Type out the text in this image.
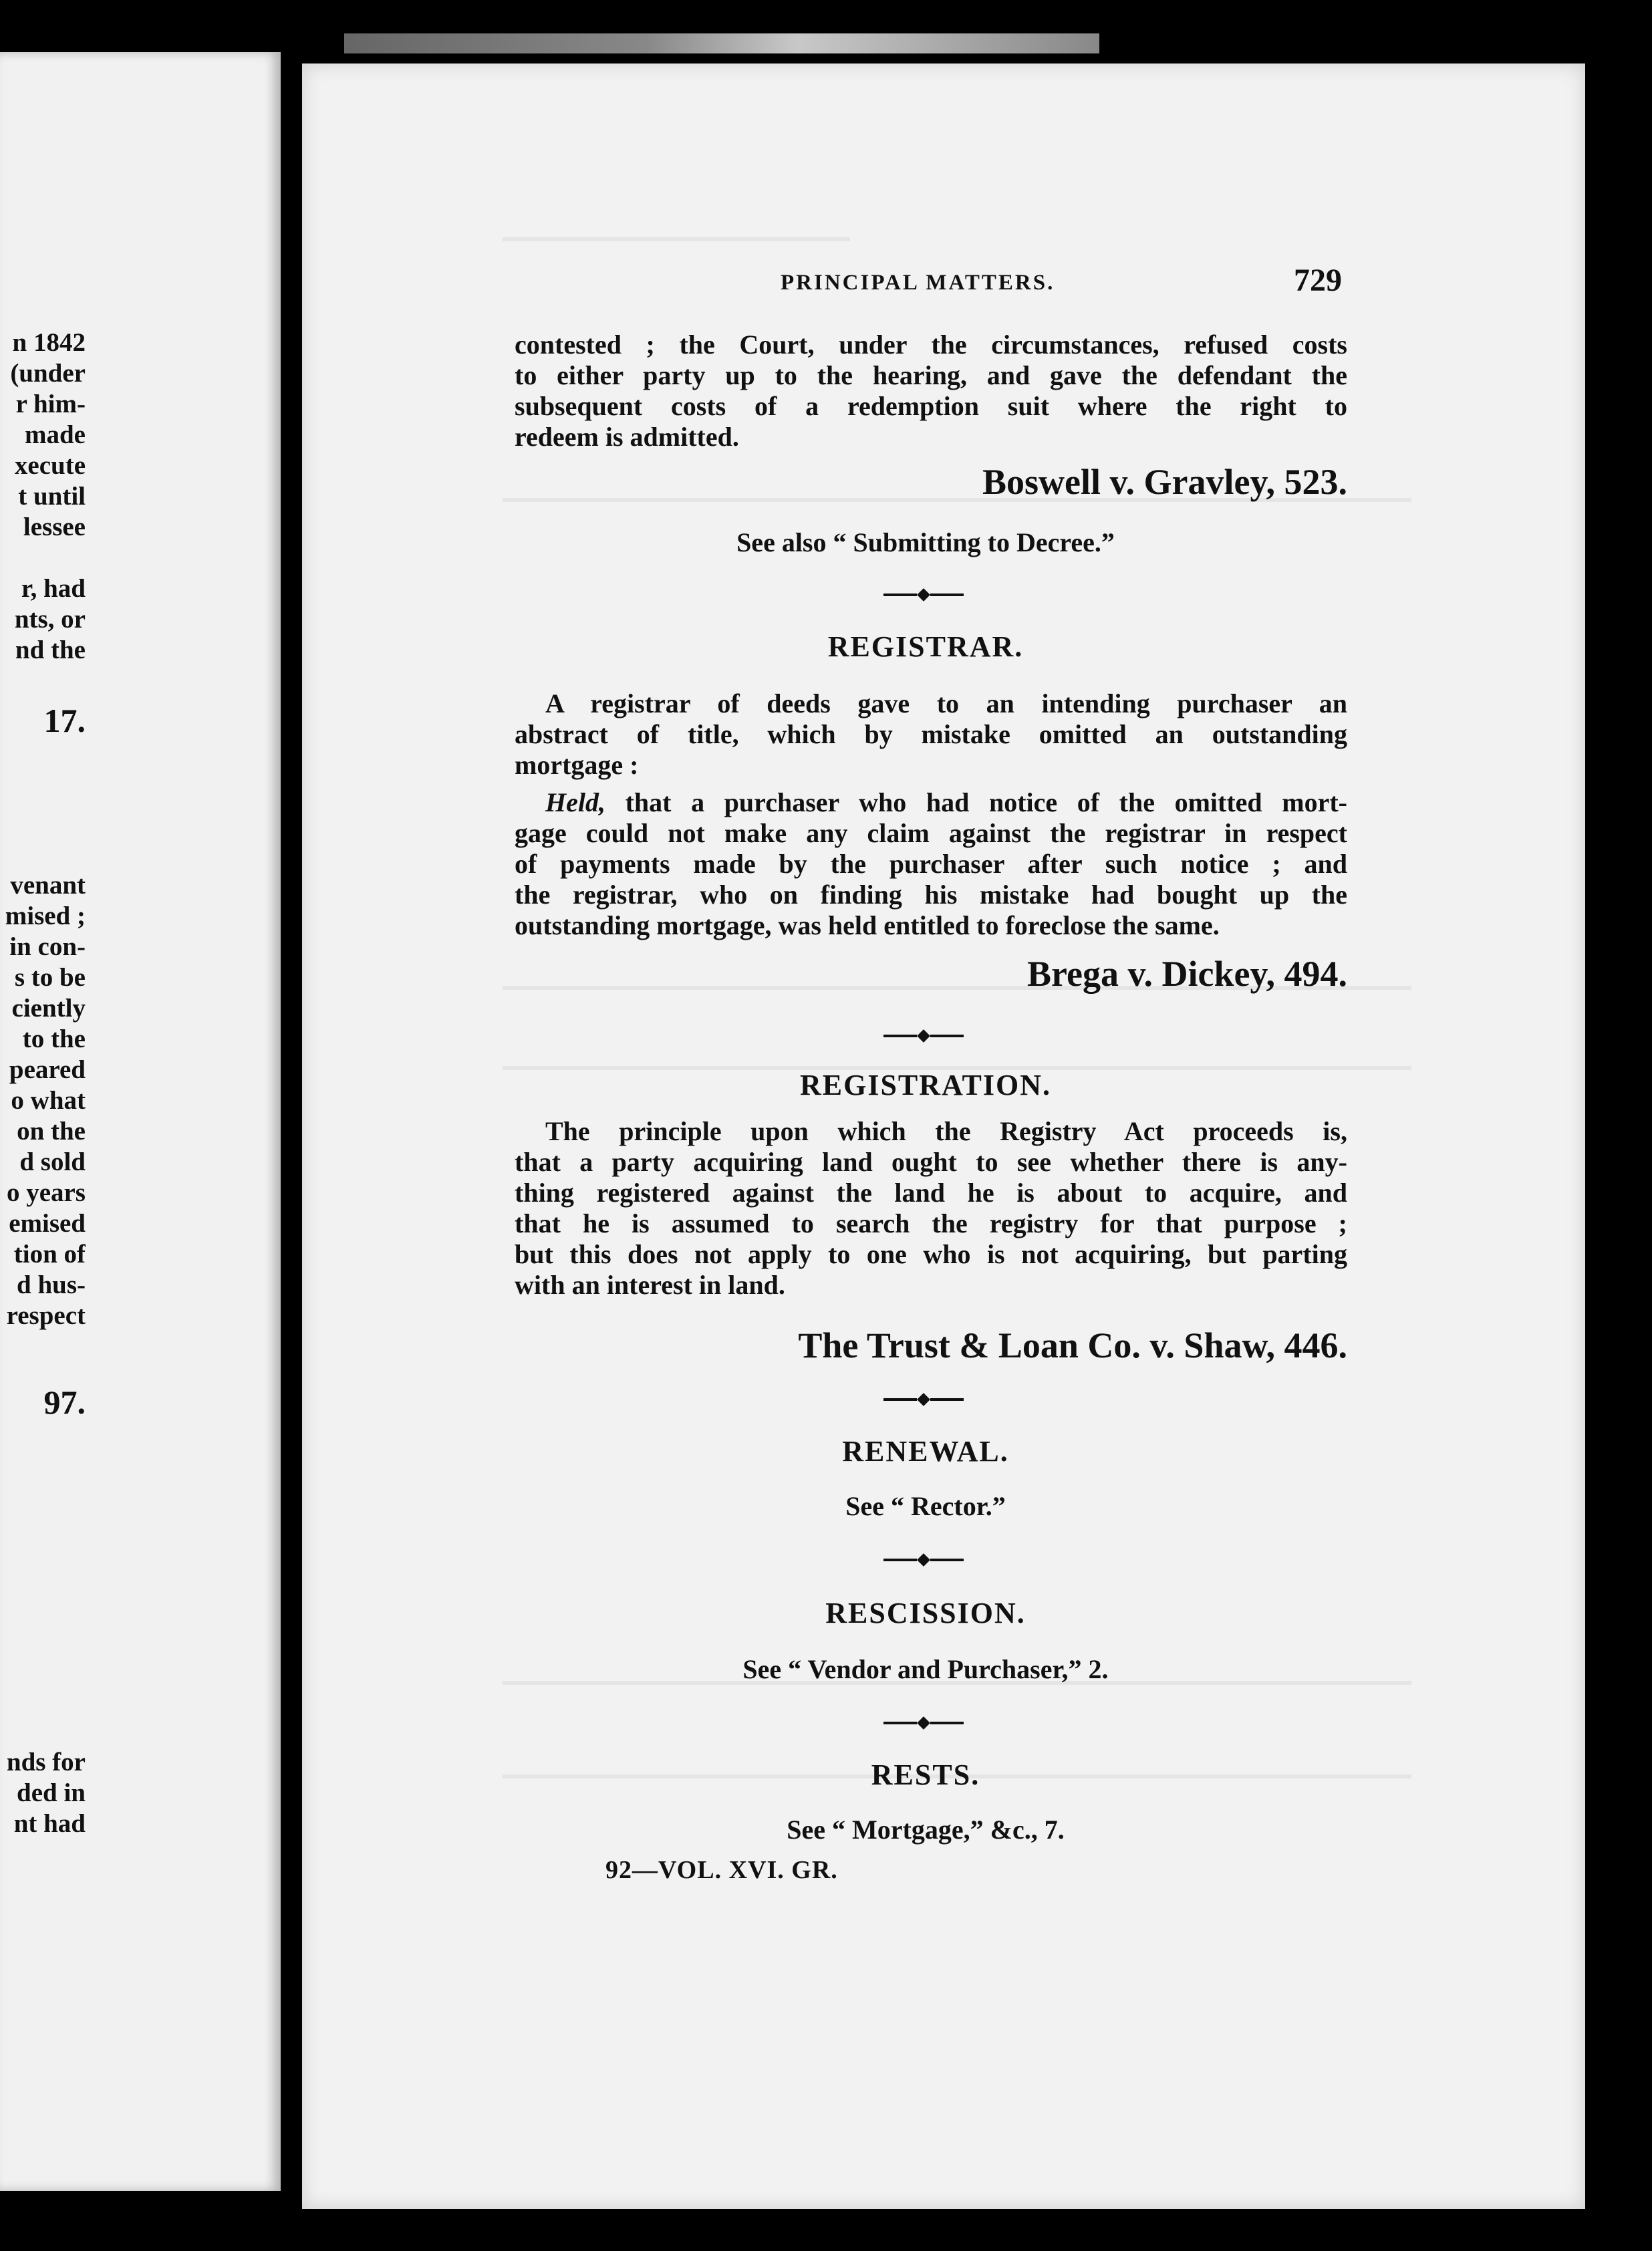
n 1842
(under
r him-
made
xecute
t until
lessee
r, had
nts, or
nd the
17.
venant
mised ;
in con-
s to be
ciently
to the
peared
o what
on the
d sold
o years
emised
tion of
d hus-
respect
97.
nds for
ded in
nt had
PRINCIPAL MATTERS.	729

contested ; the Court, under the circumstances, refused costs
to either party up to the hearing, and gave the defendant the
subsequent costs of a redemption suit where the right to
redeem is admitted.

Boswell v. Gravley, 523.
See also “ Submitting to Decree.”
REGISTRAR.

A registrar of deeds gave to an intending purchaser an
abstract of title, which by mistake omitted an outstanding
mortgage :

Held, that a purchaser who had notice of the omitted mort-
gage could not make any claim against the registrar in respect
of payments made by the purchaser after such notice ; and
the registrar, who on finding his mistake had bought up the
outstanding mortgage, was held entitled to foreclose the same.

Brega v. Dickey, 494.
REGISTRATION.

The principle upon which the Registry Act proceeds is,
that a party acquiring land ought to see whether there is any-
thing registered against the land he is about to acquire, and
that he is assumed to search the registry for that purpose ;
but this does not apply to one who is not acquiring, but parting
with an interest in land.

The Trust & Loan Co. v. Shaw, 446.
RENEWAL.
See “ Rector.”
RESCISSION.
See “ Vendor and Purchaser,” 2.
RESTS.
See “ Mortgage,” &c., 7.
92—VOL. XVI. GR.
